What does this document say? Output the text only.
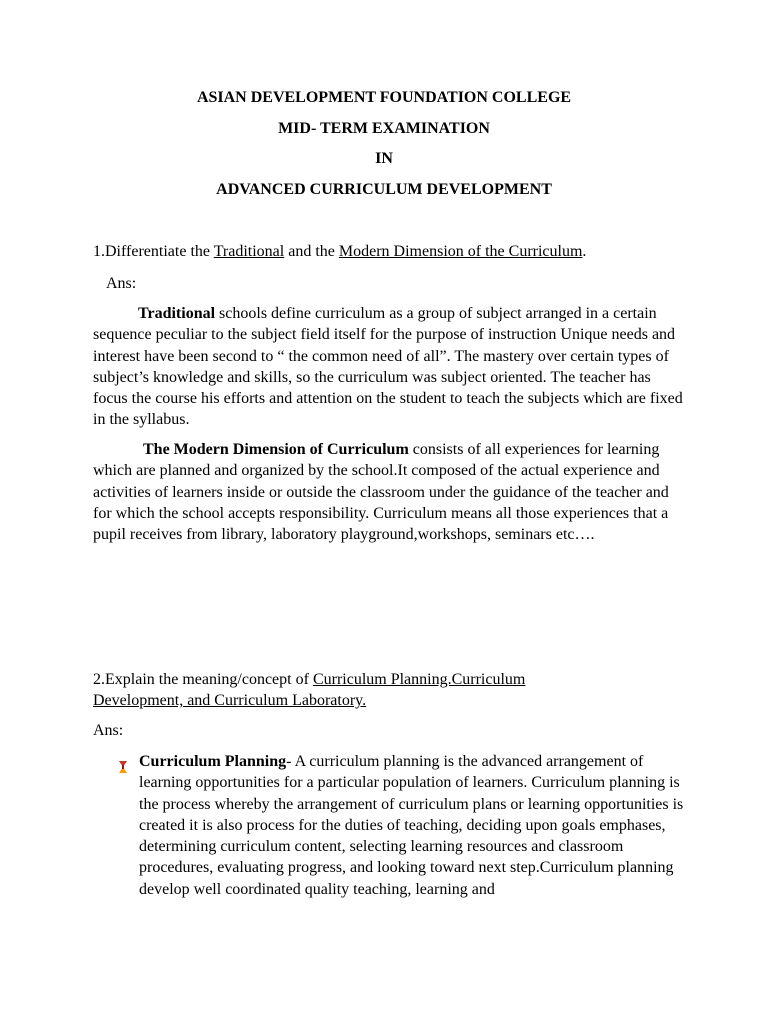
ASIAN DEVELOPMENT FOUNDATION COLLEGE
MID- TERM EXAMINATION
IN
ADVANCED CURRICULUM DEVELOPMENT
1.Differentiate the Traditional and the Modern Dimension of the Curriculum.
Ans:
Traditional schools define curriculum as a group of subject arranged in a certain sequence peculiar to the subject field itself for the purpose of instruction Unique needs and interest have been second to “ the common need of all”. The mastery over certain types of subject’s knowledge and skills, so the curriculum was subject oriented. The teacher has focus the course his efforts and attention on the student to teach the subjects which are fixed in the syllabus.
The Modern Dimension of Curriculum consists of all experiences for learning which are planned and organized by the school.It composed of the actual experience and activities of learners inside or outside the classroom under the guidance of the teacher and for which the school accepts responsibility. Curriculum means all those experiences that a pupil receives from library, laboratory playground,workshops, seminars etc….
2.Explain the meaning/concept of Curriculum Planning.Curriculum
Development, and Curriculum Laboratory.
Ans:
Curriculum Planning- A curriculum planning is the advanced arrangement of learning opportunities for a particular population of learners. Curriculum planning is the process whereby the arrangement of curriculum plans or learning opportunities is created it is also process for the duties of teaching, deciding upon goals emphases, determining curriculum content, selecting learning resources and classroom procedures, evaluating progress, and looking toward next step.Curriculum planning develop well coordinated quality teaching, learning and
